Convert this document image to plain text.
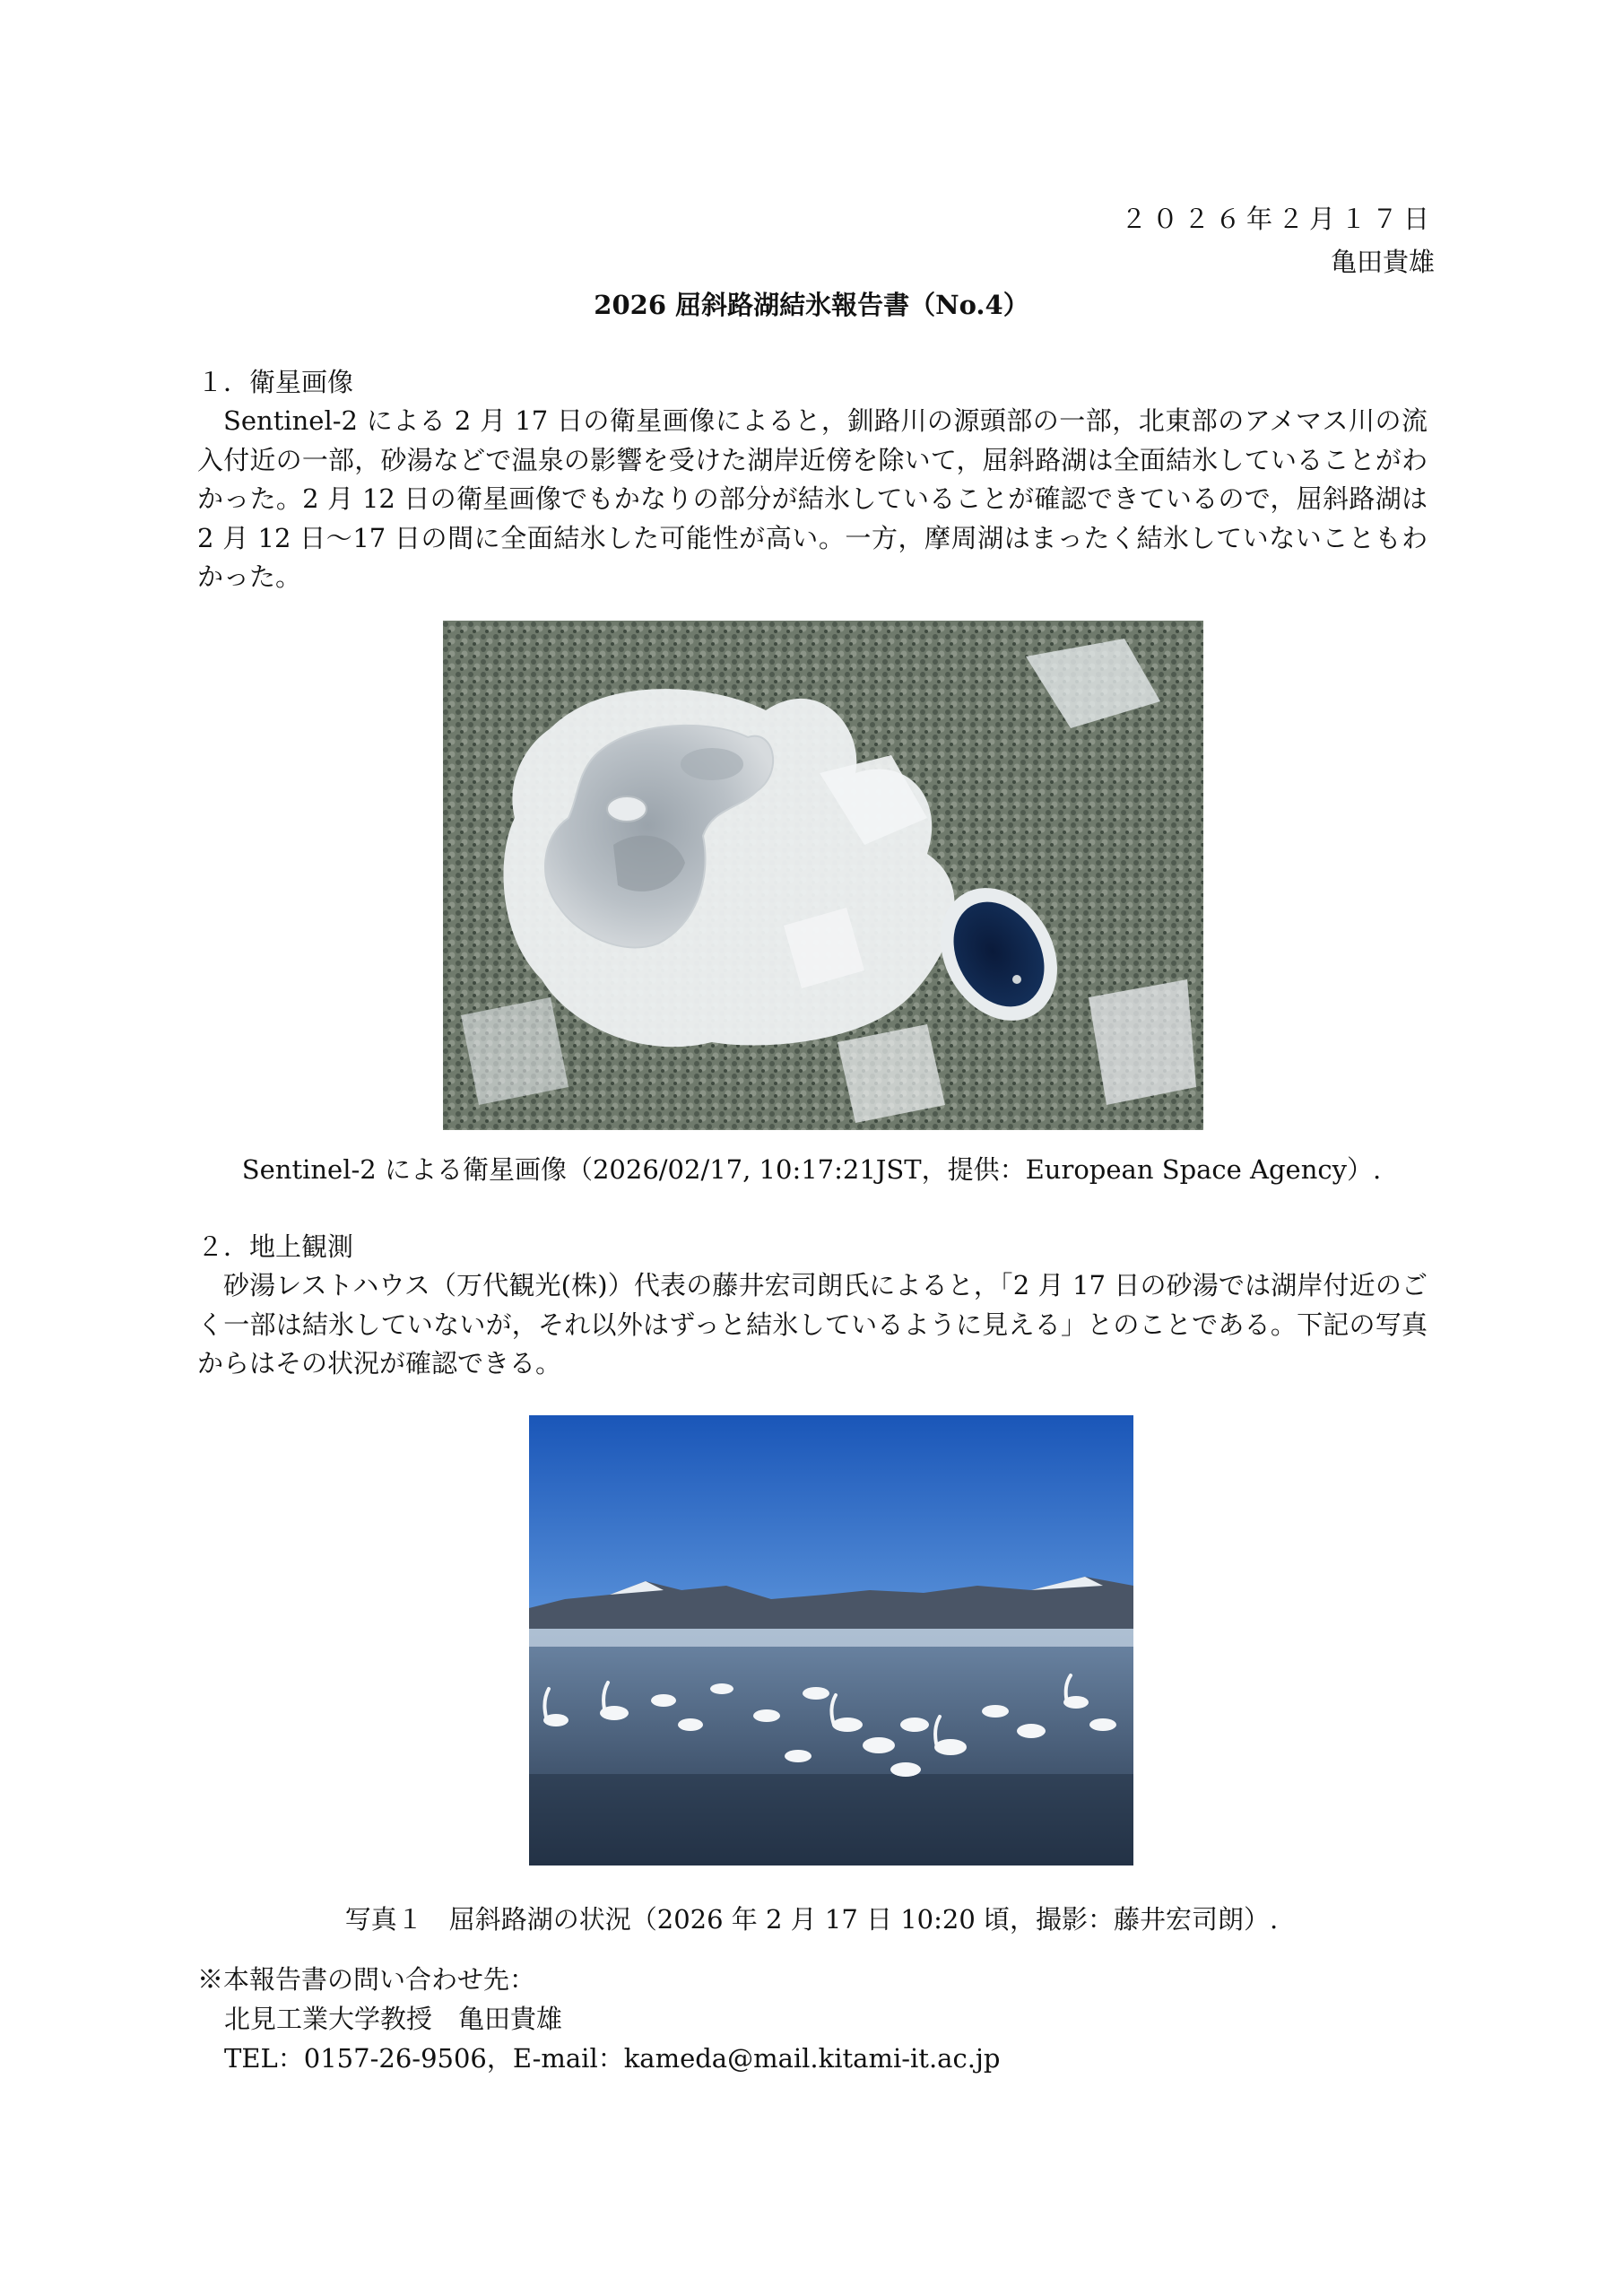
２０２６年２月１７日
亀田貴雄
2026 屈斜路湖結氷報告書（No.4）
１．衛星画像

Sentinel-2 による 2 月 17 日の衛星画像によると，釧路川の源頭部の一部，北東部のアメマス川の流入付近の一部，砂湯などで温泉の影響を受けた湖岸近傍を除いて，屈斜路湖は全面結氷していることがわかった。2 月 12 日の衛星画像でもかなりの部分が結氷していることが確認できているので，屈斜路湖は 2 月 12 日〜17 日の間に全面結氷した可能性が高い。一方，摩周湖はまったく結氷していないこともわかった。

Sentinel-2 による衛星画像（2026/02/17, 10:17:21JST，提供：European Space Agency）.
２．地上観測

砂湯レストハウス（万代観光(株)）代表の藤井宏司朗氏によると，「2 月 17 日の砂湯では湖岸付近のごく一部は結氷していないが，それ以外はずっと結氷しているように見える」とのことである。下記の写真からはその状況が確認できる。

写真１　屈斜路湖の状況（2026 年 2 月 17 日 10:20 頃，撮影：藤井宏司朗）.
※本報告書の問い合わせ先：
北見工業大学教授　亀田貴雄
TEL：0157-26-9506，E-mail：kameda@mail.kitami-it.ac.jp
